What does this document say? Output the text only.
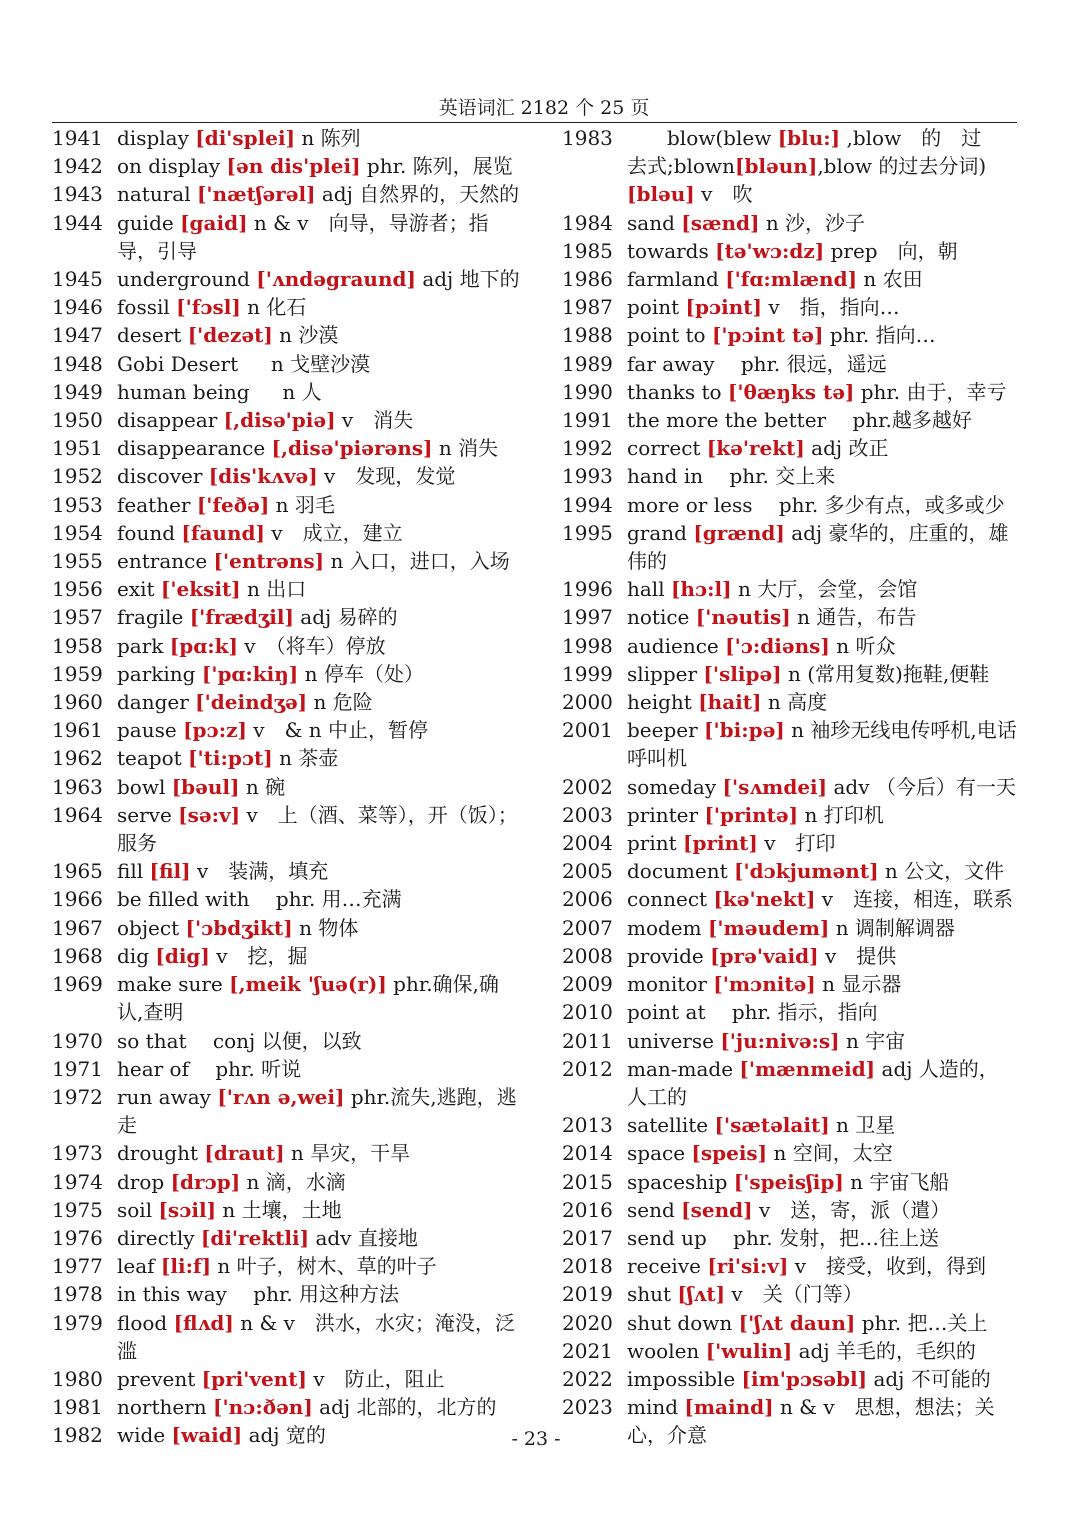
英语词汇 2182 个 25 页
1941 display [di'splei] n 陈列
1942 on display [ən dis'plei] phr. 陈列，展览
1943 natural ['nætʃərəl] adj 自然界的，天然的
1944 guide [gaid] n & v　向导，导游者；指导，引导
1945 underground ['ʌndəgraund] adj 地下的
1946 fossil ['fɔsl] n 化石
1947 desert ['dezət] n 沙漠
1948 Gobi Desert 　 n 戈壁沙漠
1949 human being 　 n 人
1950 disappear [,disə'piə] v　消失
1951 disappearance [,disə'piərəns] n 消失
1952 discover [dis'kʌvə] v　发现，发觉
1953 feather ['feðə] n 羽毛
1954 found [faund] v　成立，建立
1955 entrance ['entrəns] n 入口，进口，入场
1956 exit ['eksit] n 出口
1957 fragile ['frædʒil] adj 易碎的
1958 park [pɑ:k] v　（将车）停放
1959 parking ['pɑ:kiŋ] n 停车（处）
1960 danger ['deindʒə] n 危险
1961 pause [pɔ:z] v　& n 中止，暂停
1962 teapot ['ti:pɔt] n 茶壶
1963 bowl [bəul] n 碗
1964 serve [sə:v] v　上（酒、菜等），开（饭）；服务
1965 fill [fil] v　装满，填充
1966 be filled with 　phr. 用…充满
1967 object ['ɔbdʒikt] n 物体
1968 dig [dig] v　挖，掘
1969 make sure [,meik 'ʃuə(r)] phr.确保,确认,查明
1970 so that 　conj 以便，以致
1971 hear of 　phr. 听说
1972 run away ['rʌn ə,wei] phr.流失,逃跑，逃走
1973 drought [draut] n 旱灾，干旱
1974 drop [drɔp] n 滴，水滴
1975 soil [sɔil] n 土壤，土地
1976 directly [di'rektli] adv 直接地
1977 leaf [li:f] n 叶子，树木、草的叶子
1978 in this way 　phr. 用这种方法
1979 flood [flʌd] n & v　洪水，水灾；淹没，泛滥
1980 prevent [pri'vent] v　防止，阻止
1981 northern ['nɔ:ðən] adj 北部的，北方的
1982 wide [waid] adj 宽的
1983　　blow(blew [blu:] ,blow　的　过　去式;blown[bləun],blow 的过去分词) [bləu] v　吹
1984 sand [sænd] n 沙，沙子
1985 towards [tə'wɔ:dz] prep　向，朝
1986 farmland ['fɑ:mlænd] n 农田
1987 point [pɔint] v　指，指向…
1988 point to ['pɔint tə] phr. 指向…
1989 far away 　phr. 很远，遥远
1990 thanks to ['θæŋks tə] phr. 由于，幸亏
1991 the more the better 　phr.越多越好
1992 correct [kə'rekt] adj 改正
1993 hand in 　phr. 交上来
1994 more or less 　phr. 多少有点，或多或少
1995 grand [grænd] adj 豪华的，庄重的，雄伟的
1996 hall [hɔ:l] n 大厅，会堂，会馆
1997 notice ['nəutis] n 通告，布告
1998 audience ['ɔ:diəns] n 听众
1999 slipper ['slipə] n (常用复数)拖鞋,便鞋
2000 height [hait] n 高度
2001 beeper ['bi:pə] n 袖珍无线电传呼机,电话呼叫机
2002 someday ['sʌmdei] adv （今后）有一天
2003 printer ['printə] n 打印机
2004 print [print] v　打印
2005 document ['dɔkjumənt] n 公文，文件
2006 connect [kə'nekt] v　连接，相连，联系
2007 modem ['məudem] n 调制解调器
2008 provide [prə'vaid] v　提供
2009 monitor ['mɔnitə] n 显示器
2010 point at 　phr. 指示，指向
2011 universe ['ju:nivə:s] n 宇宙
2012 man-made ['mænmeid] adj 人造的，人工的
2013 satellite ['sætəlait] n 卫星
2014 space [speis] n 空间，太空
2015 spaceship ['speisʃip] n 宇宙飞船
2016 send [send] v　送，寄，派（遣）
2017 send up 　phr. 发射，把…往上送
2018 receive [ri'si:v] v　接受，收到，得到
2019 shut [ʃʌt] v　关（门等）
2020 shut down ['ʃʌt daun] phr. 把…关上
2021 woolen ['wulin] adj 羊毛的，毛织的
2022 impossible [im'pɔsəbl] adj 不可能的
2023 mind [maind] n & v　思想，想法；关心，介意
- 23 -
